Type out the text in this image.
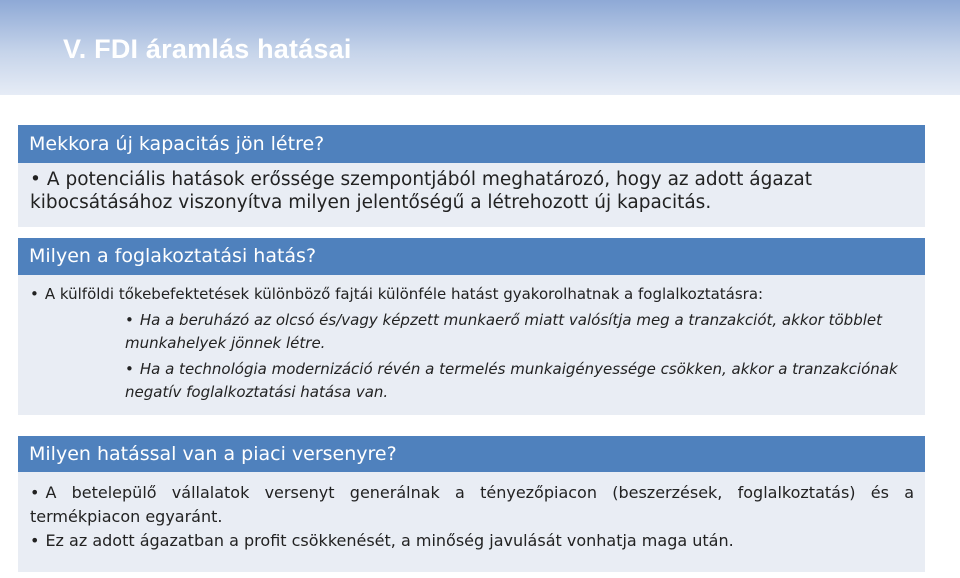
V. FDI áramlás hatásai
Mekkora új kapacitás jön létre?
• A potenciális hatások erőssége szempontjából meghatározó, hogy az adott ágazat kibocsátásához viszonyítva milyen jelentőségű a létrehozott új kapacitás.
Milyen a foglakoztatási hatás?
• A külföldi tőkebefektetések különböző fajtái különféle hatást gyakorolhatnak a foglalkoztatásra:
• Ha a beruházó az olcsó és/vagy képzett munkaerő miatt valósítja meg a tranzakciót, akkor többlet munkahelyek jönnek létre.
• Ha a technológia modernizáció révén a termelés munkaigényessége csökken, akkor a tranzakciónak negatív foglalkoztatási hatása van.
Milyen hatással van a piaci versenyre?
• A betelepülő vállalatok versenyt generálnak a tényezőpiacon (beszerzések, foglalkoztatás) és a termékpiacon egyaránt.
• Ez az adott ágazatban a profit csökkenését, a minőség javulását vonhatja maga után.
